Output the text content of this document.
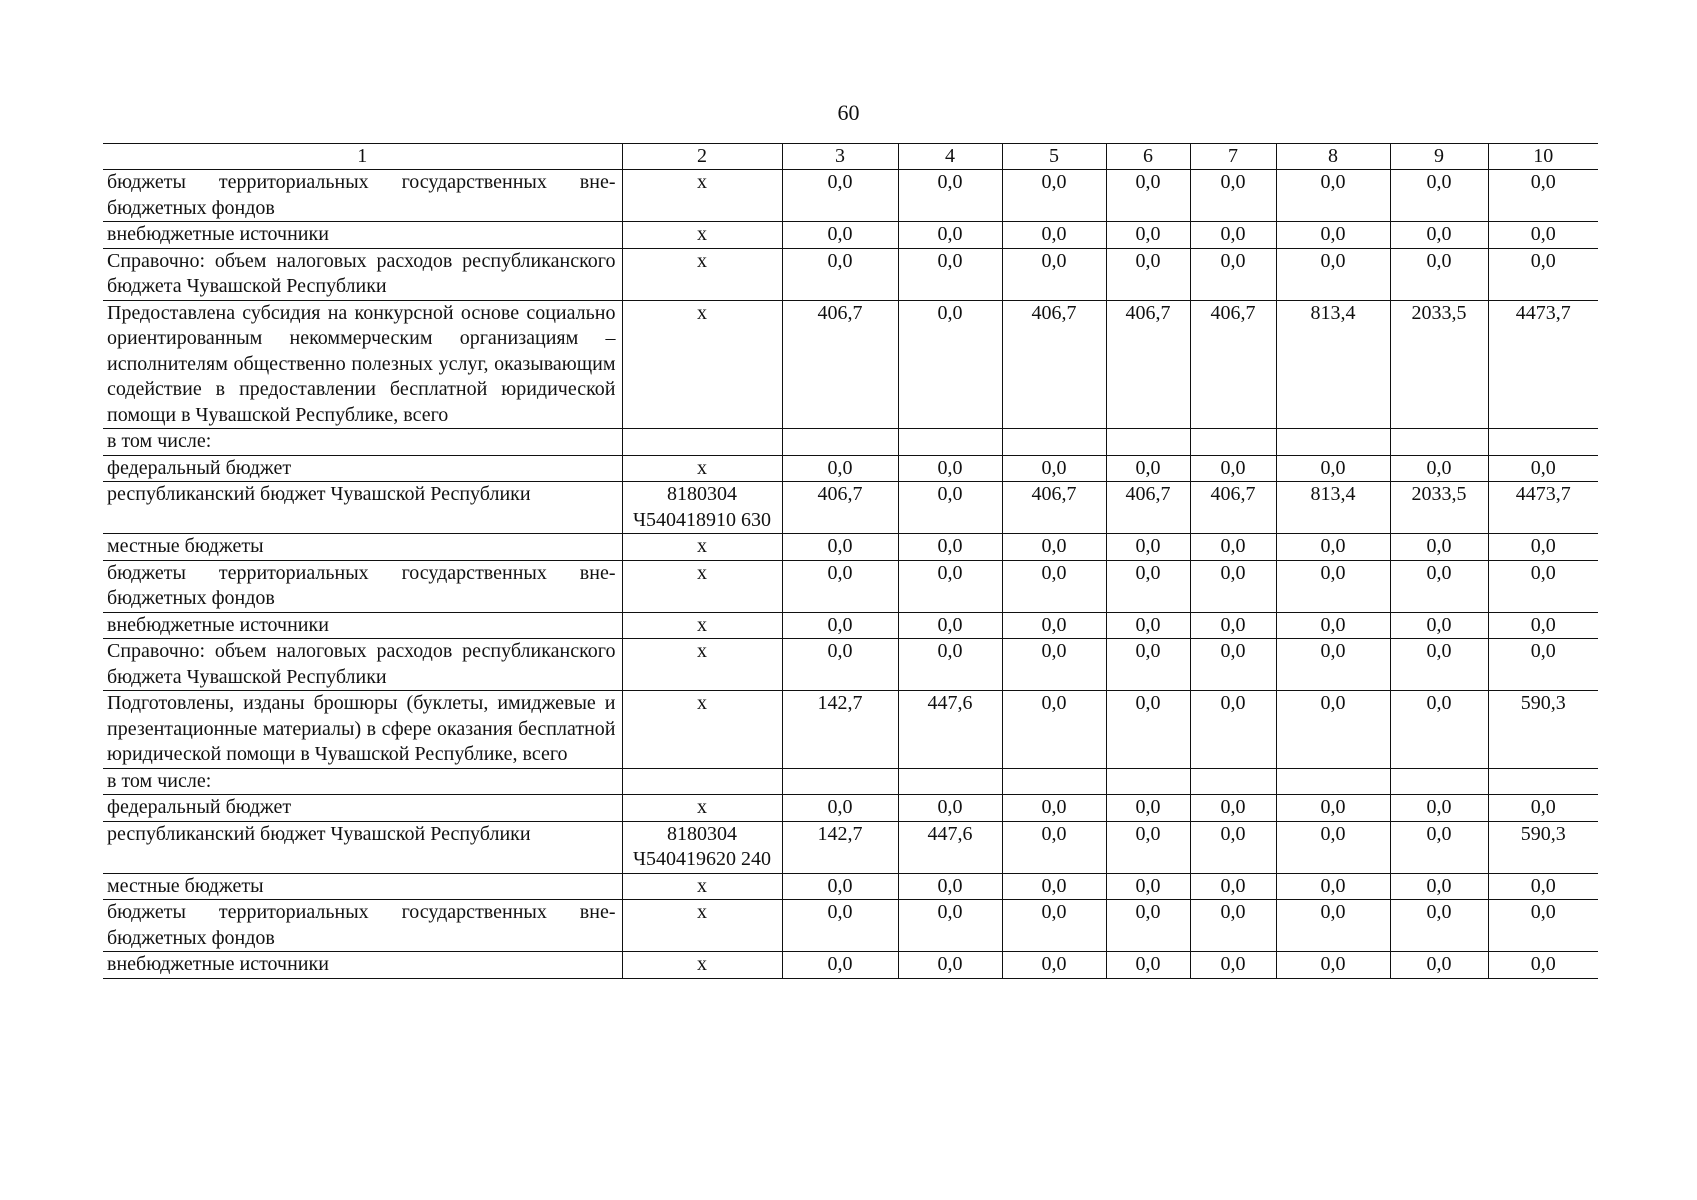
60
1	2	3	4	5	6	7	8	9	10
бюджеты территориальных государственных внебюджетных фондов	x	0,0	0,0	0,0	0,0	0,0	0,0	0,0	0,0
внебюджетные источники	x	0,0	0,0	0,0	0,0	0,0	0,0	0,0	0,0
Справочно: объем налоговых расходов республиканского бюджета Чувашской Республики	x	0,0	0,0	0,0	0,0	0,0	0,0	0,0	0,0
Предоставлена субсидия на конкурсной основе социально ориентированным некоммерческим организациям – исполнителям общественно полезных услуг, оказывающим содействие в предоставлении бесплатной юридической помощи в Чувашской Республике, всего	x	406,7	0,0	406,7	406,7	406,7	813,4	2033,5	4473,7
в том числе:									
федеральный бюджет	x	0,0	0,0	0,0	0,0	0,0	0,0	0,0	0,0
республиканский бюджет Чувашской Республики	8180304 Ч540418910 630	406,7	0,0	406,7	406,7	406,7	813,4	2033,5	4473,7
местные бюджеты	x	0,0	0,0	0,0	0,0	0,0	0,0	0,0	0,0
бюджеты территориальных государственных внебюджетных фондов	x	0,0	0,0	0,0	0,0	0,0	0,0	0,0	0,0
внебюджетные источники	x	0,0	0,0	0,0	0,0	0,0	0,0	0,0	0,0
Справочно: объем налоговых расходов республиканского бюджета Чувашской Республики	x	0,0	0,0	0,0	0,0	0,0	0,0	0,0	0,0
Подготовлены, изданы брошюры (буклеты, имиджевые и презентационные материалы) в сфере оказания бесплатной юридической помощи в Чувашской Республике, всего	x	142,7	447,6	0,0	0,0	0,0	0,0	0,0	590,3
в том числе:									
федеральный бюджет	x	0,0	0,0	0,0	0,0	0,0	0,0	0,0	0,0
республиканский бюджет Чувашской Республики	8180304 Ч540419620 240	142,7	447,6	0,0	0,0	0,0	0,0	0,0	590,3
местные бюджеты	x	0,0	0,0	0,0	0,0	0,0	0,0	0,0	0,0
бюджеты территориальных государственных внебюджетных фондов	x	0,0	0,0	0,0	0,0	0,0	0,0	0,0	0,0
внебюджетные источники	x	0,0	0,0	0,0	0,0	0,0	0,0	0,0	0,0
